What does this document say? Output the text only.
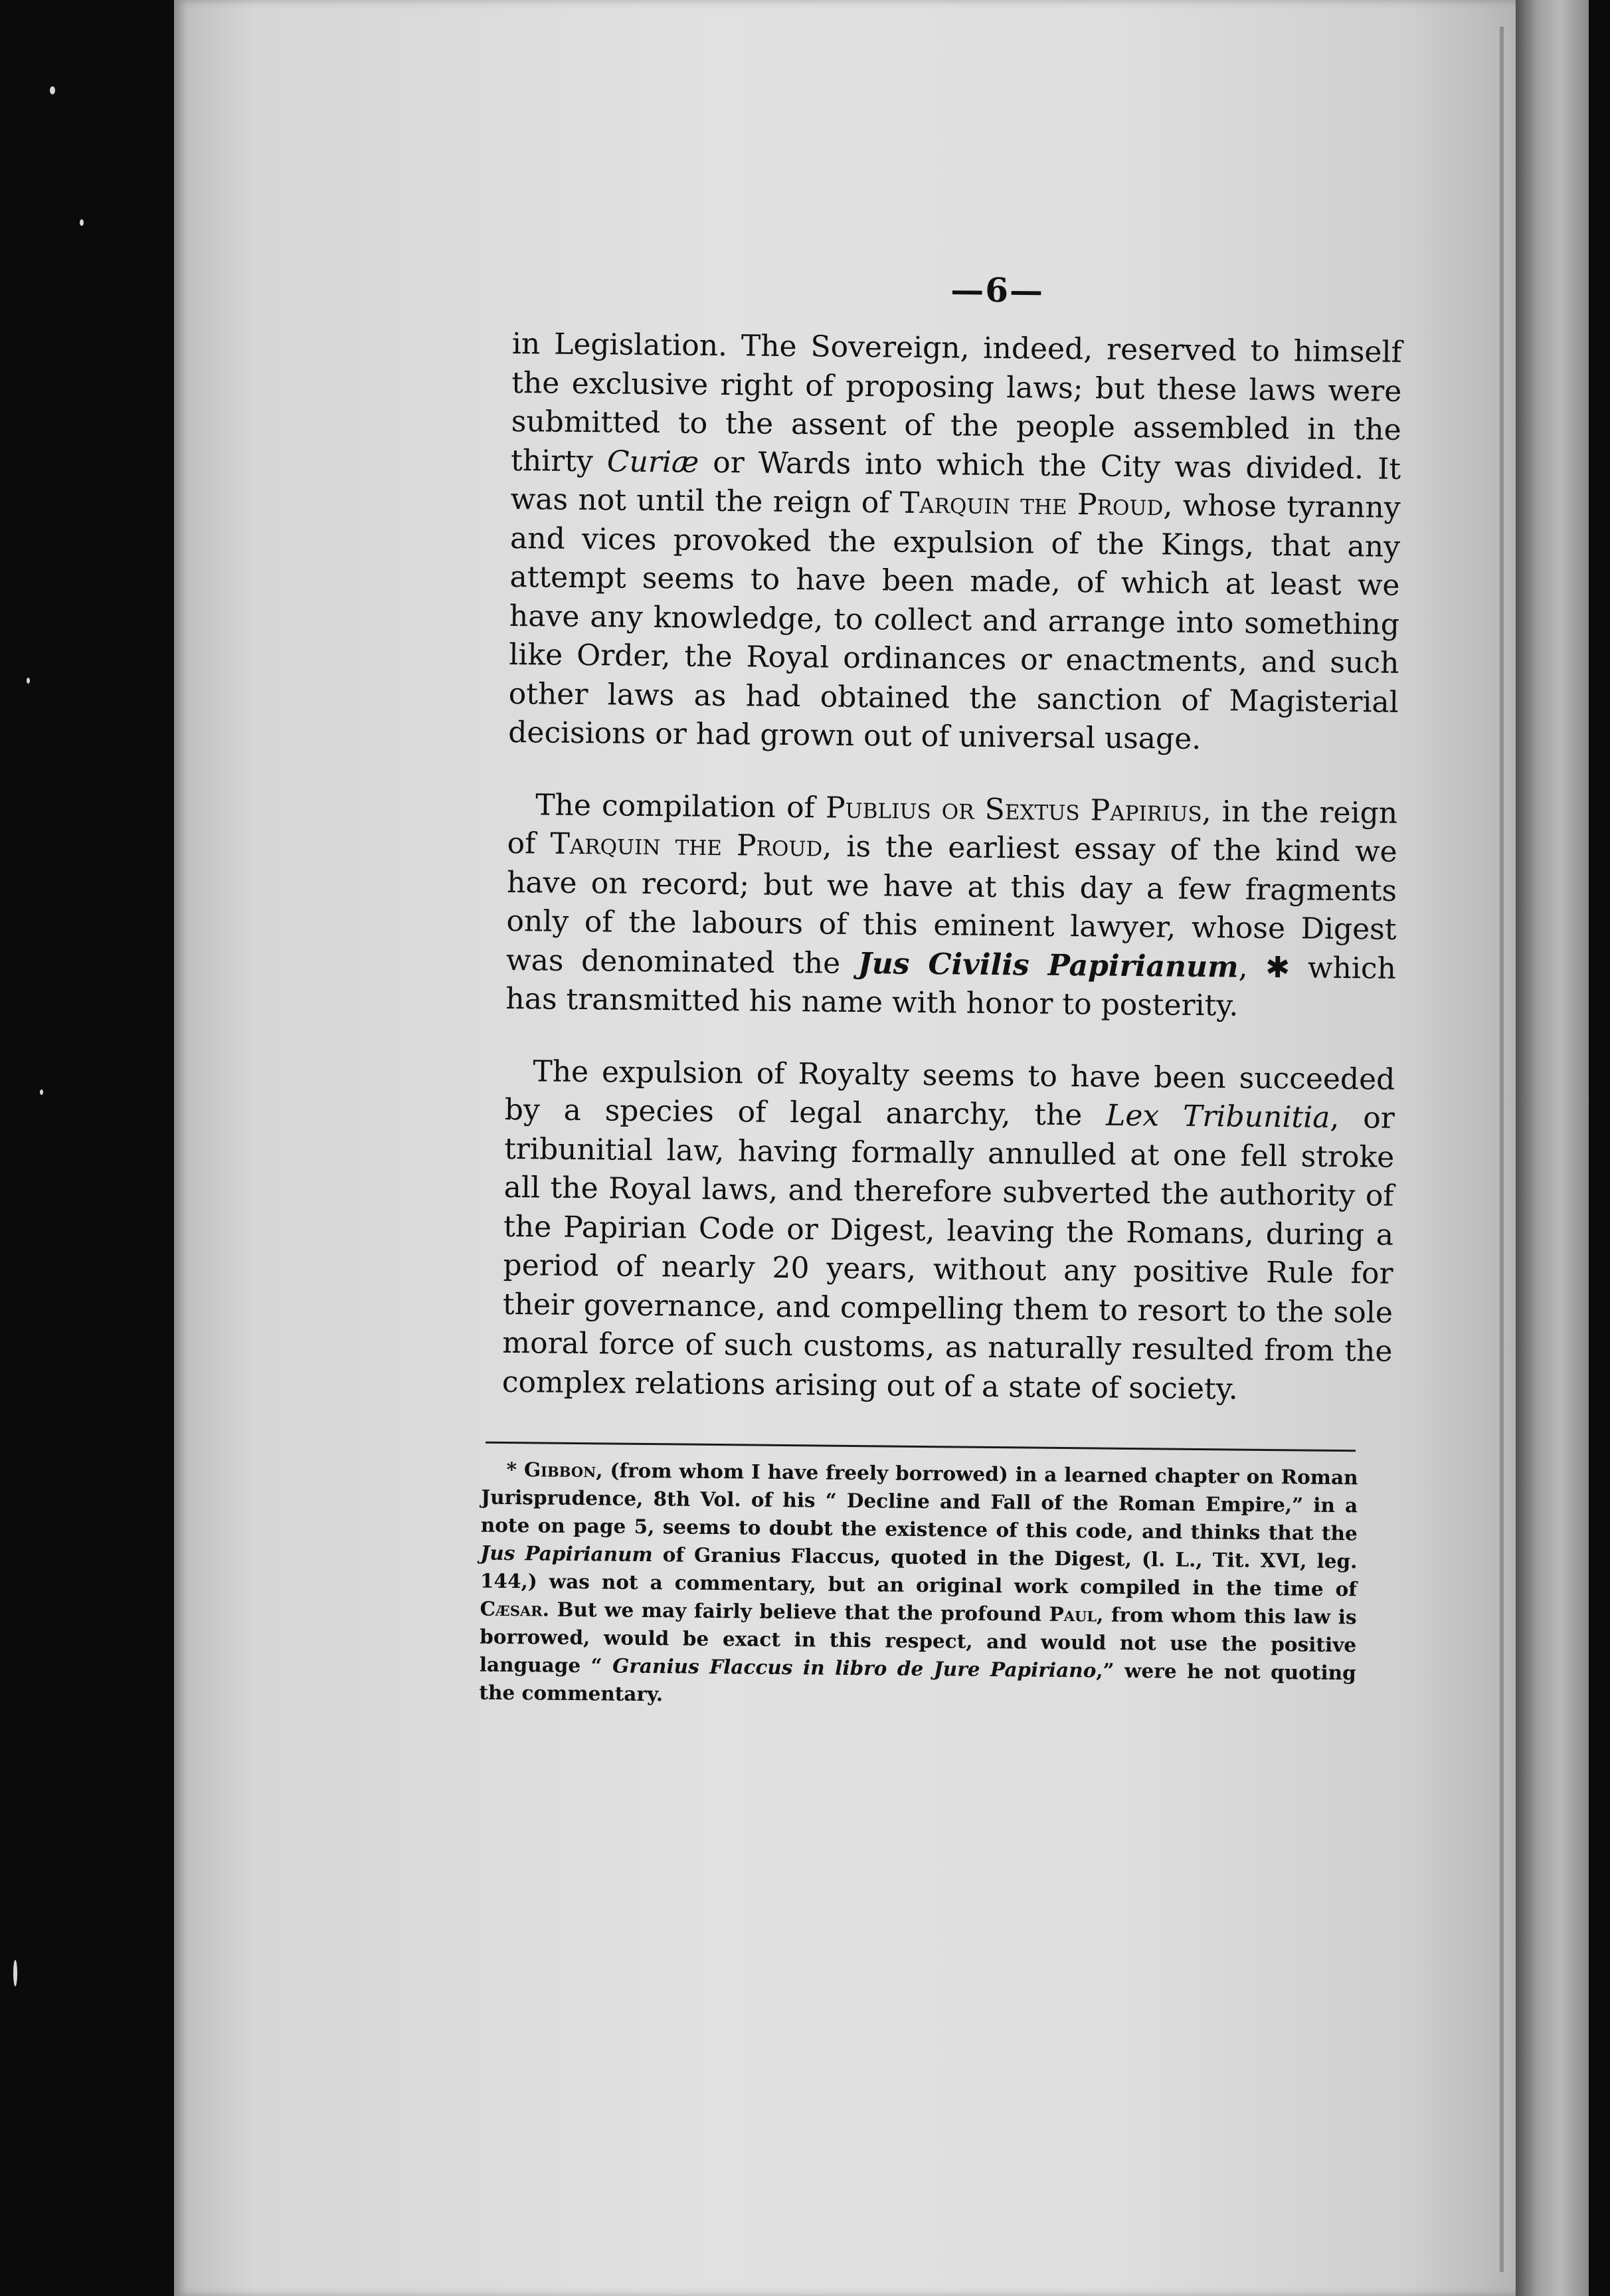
—6—

in Legislation. The Sovereign, indeed, reserved to himself the exclusive right of proposing laws; but these laws were submitted to the assent of the people assembled in the thirty Curiæ or Wards into which the City was divided. It was not until the reign of Tarquin the Proud, whose tyranny and vices provoked the expulsion of the Kings, that any attempt seems to have been made, of which at least we have any knowledge, to collect and arrange into something like Order, the Royal ordinances or enactments, and such other laws as had obtained the sanction of Magisterial decisions or had grown out of universal usage.

The compilation of Publius or Sextus Papirius, in the reign of Tarquin the Proud, is the earliest essay of the kind we have on record; but we have at this day a few fragments only of the labours of this eminent lawyer, whose Digest was denominated the Jus Civilis Papirianum, ✱ which has transmitted his name with honor to posterity.

The expulsion of Royalty seems to have been succeeded by a species of legal anarchy, the Lex Tribunitia, or tribunitial law, having formally annulled at one fell stroke all the Royal laws, and therefore subverted the authority of the Papirian Code or Digest, leaving the Romans, during a period of nearly 20 years, without any positive Rule for their governance, and compelling them to resort to the sole moral force of such customs, as naturally resulted from the complex relations arising out of a state of society.

* Gibbon, (from whom I have freely borrowed) in a learned chapter on Roman Jurisprudence, 8th Vol. of his “ Decline and Fall of the Roman Empire,” in a note on page 5, seems to doubt the existence of this code, and thinks that the Jus Papirianum of Granius Flaccus, quoted in the Digest, (l. L., Tit. XVI, leg. 144,) was not a commentary, but an original work compiled in the time of Cæsar. But we may fairly believe that the profound Paul, from whom this law is borrowed, would be exact in this respect, and would not use the positive language “ Granius Flaccus in libro de Jure Papiriano,” were he not quoting the commentary.
